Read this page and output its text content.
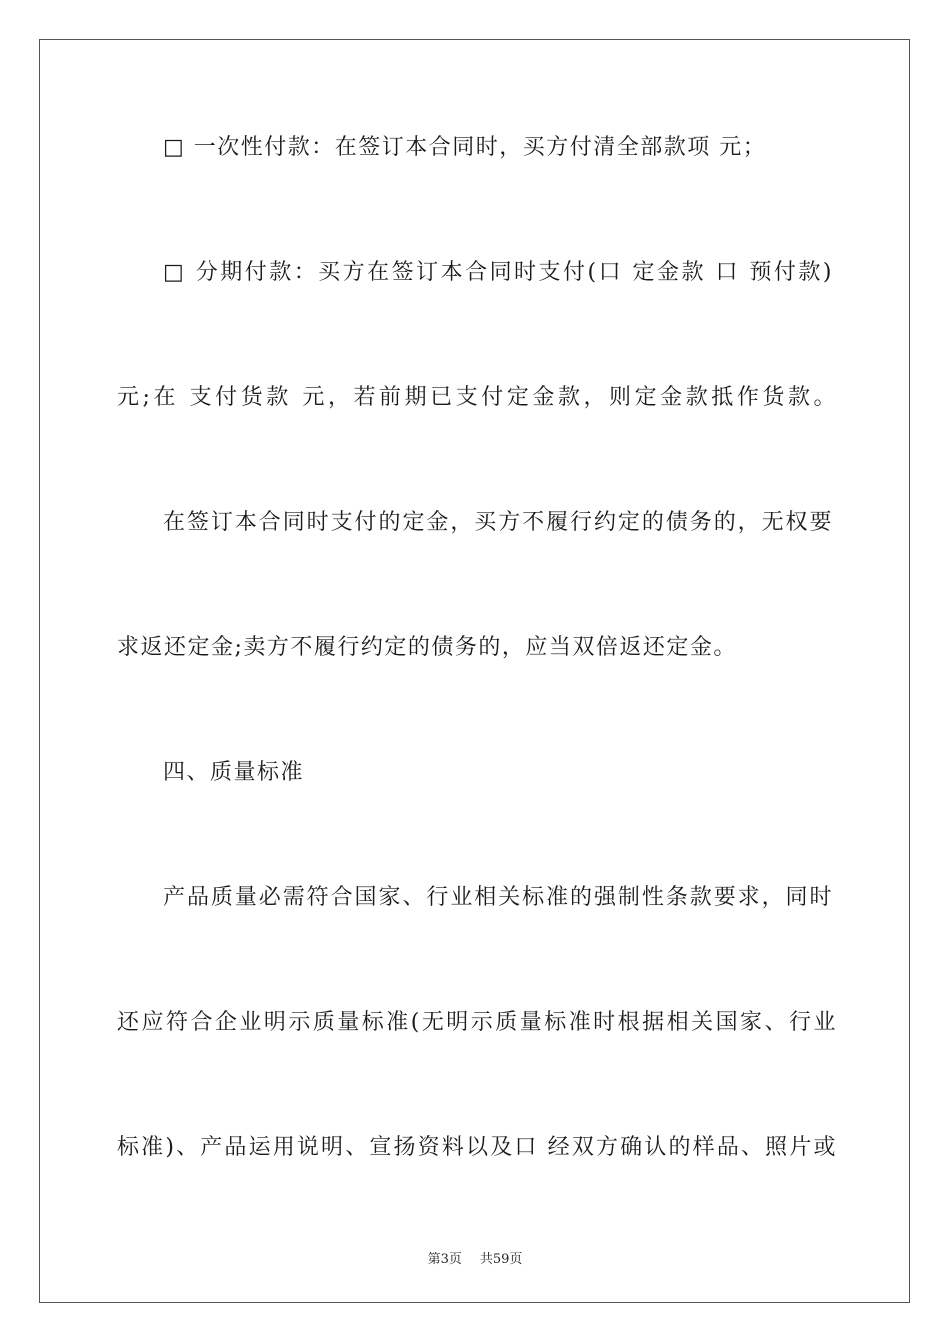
□ 一次性付款：在签订本合同时，买方付清全部款项 元；
□ 分期付款：买方在签订本合同时支付(口 定金款 口 预付款)
元;在 支付货款 元，若前期已支付定金款，则定金款抵作货款。
在签订本合同时支付的定金，买方不履行约定的债务的，无权要
求返还定金;卖方不履行约定的债务的，应当双倍返还定金。
四、质量标准
产品质量必需符合国家、行业相关标准的强制性条款要求，同时
还应符合企业明示质量标准(无明示质量标准时根据相关国家、行业
标准)、产品运用说明、宣扬资料以及口 经双方确认的样品、照片或
第3页 共59页
